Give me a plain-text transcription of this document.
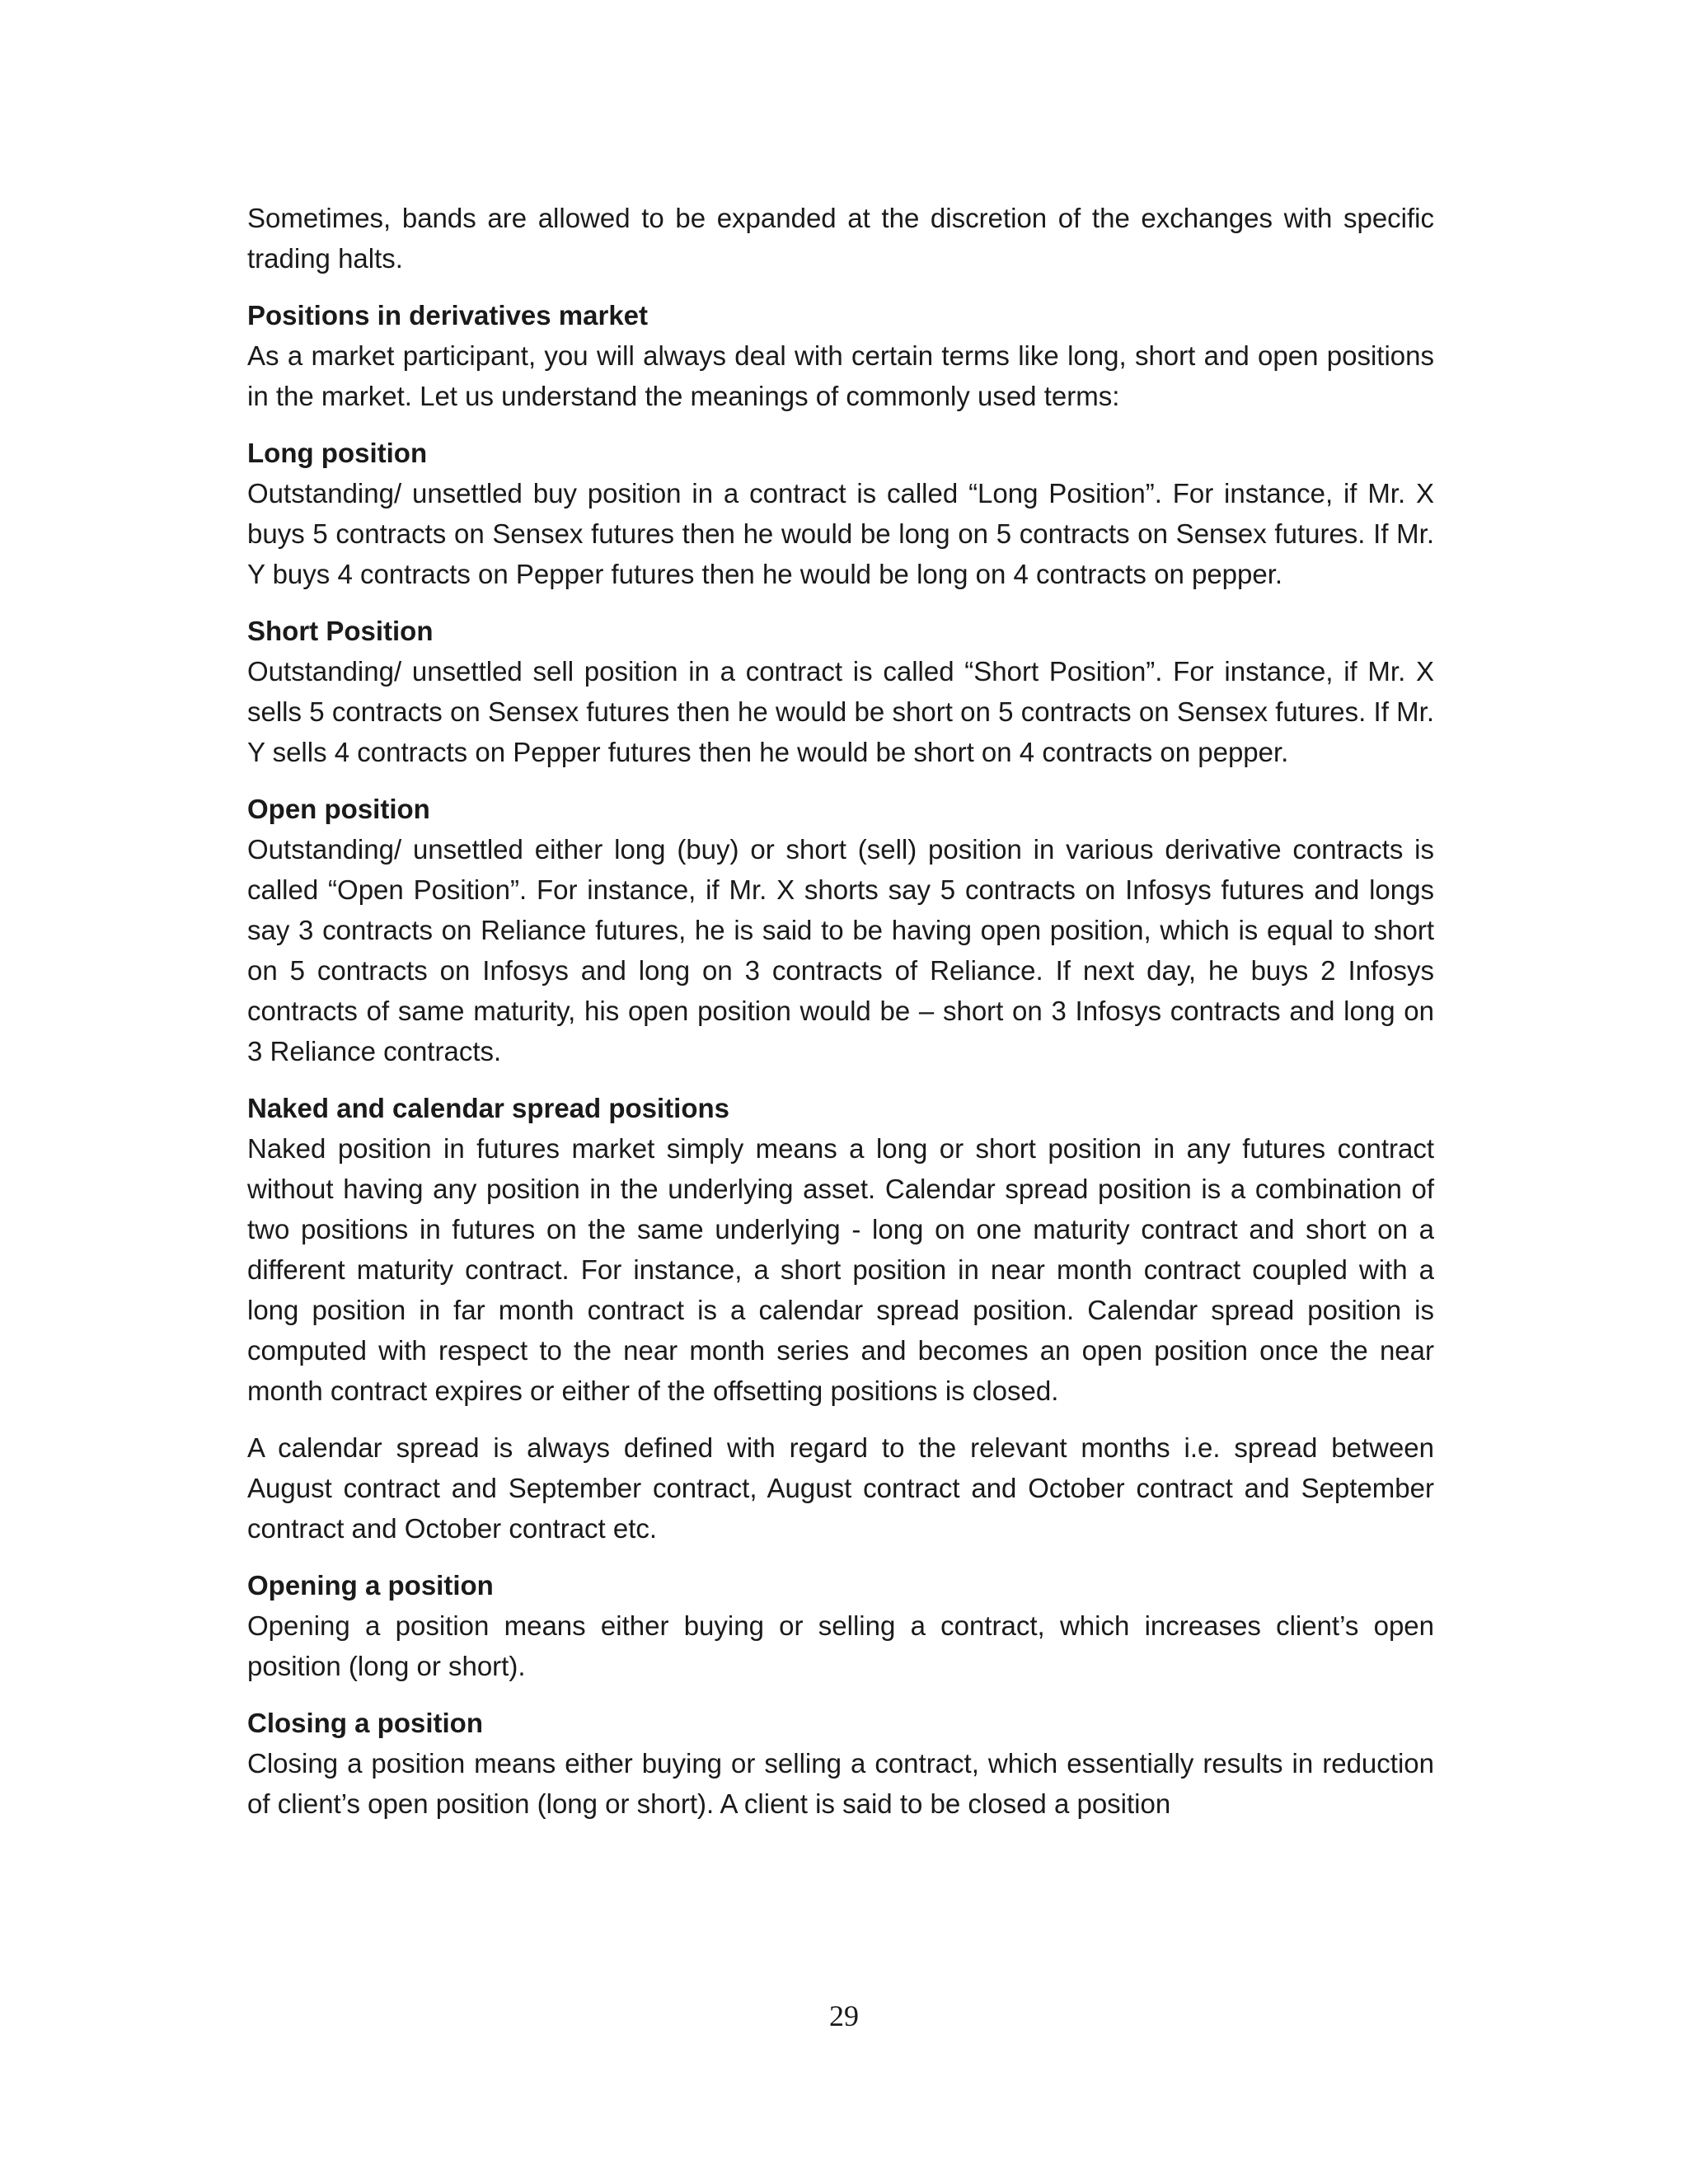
Sometimes, bands are allowed to be expanded at the discretion of the exchanges with specific trading halts.

Positions in derivatives market

As a market participant, you will always deal with certain terms like long, short and open positions in the market. Let us understand the meanings of commonly used terms:

Long position

Outstanding/ unsettled buy position in a contract is called “Long Position”. For instance, if Mr. X buys 5 contracts on Sensex futures then he would be long on 5 contracts on Sensex futures. If Mr. Y buys 4 contracts on Pepper futures then he would be long on 4 contracts on pepper.

Short Position

Outstanding/ unsettled sell position in a contract is called “Short Position”. For instance, if Mr. X sells 5 contracts on Sensex futures then he would be short on 5 contracts on Sensex futures. If Mr. Y sells 4 contracts on Pepper futures then he would be short on 4 contracts on pepper.

Open position

Outstanding/ unsettled either long (buy) or short (sell) position in various derivative contracts is called “Open Position”. For instance, if Mr. X shorts say 5 contracts on Infosys futures and longs say 3 contracts on Reliance futures, he is said to be having open position, which is equal to short on 5 contracts on Infosys and long on 3 contracts of Reliance. If next day, he buys 2 Infosys contracts of same maturity, his open position would be – short on 3 Infosys contracts and long on 3 Reliance contracts.

Naked and calendar spread positions

Naked position in futures market simply means a long or short position in any futures contract without having any position in the underlying asset. Calendar spread position is a combination of two positions in futures on the same underlying - long on one maturity contract and short on a different maturity contract. For instance, a short position in near month contract coupled with a long position in far month contract is a calendar spread position. Calendar spread position is computed with respect to the near month series and becomes an open position once the near month contract expires or either of the offsetting positions is closed.

A calendar spread is always defined with regard to the relevant months i.e. spread between August contract and September contract, August contract and October contract and September contract and October contract etc.

Opening a position

Opening a position means either buying or selling a contract, which increases client’s open position (long or short).

Closing a position

Closing a position means either buying or selling a contract, which essentially results in reduction of client’s open position (long or short). A client is said to be closed a position

29
